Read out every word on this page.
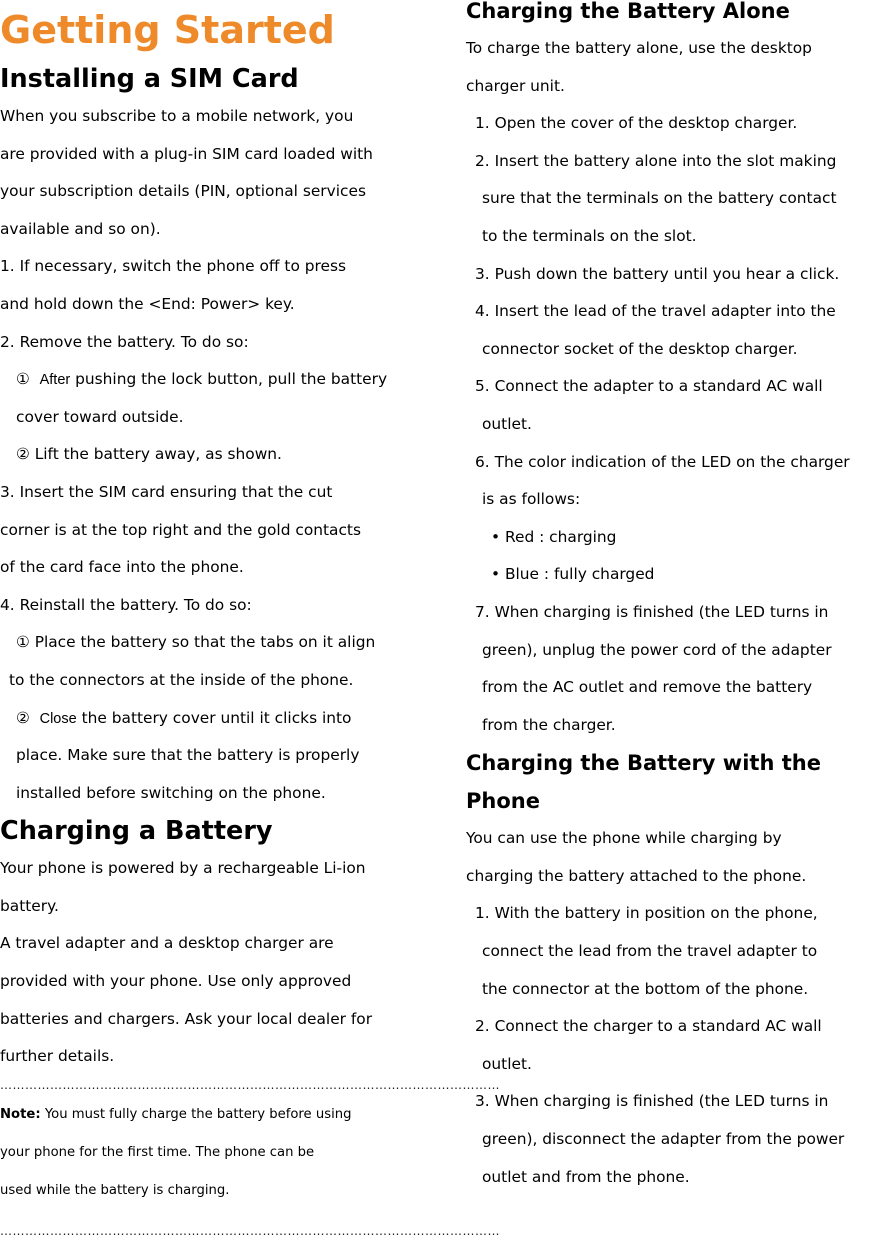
Getting Started
Installing a SIM Card
When you subscribe to a mobile network, you
are provided with a plug-in SIM card loaded with
your subscription details (PIN, optional services
available and so on).
1. If necessary, switch the phone off to press
and hold down the <End: Power> key.
2. Remove the battery. To do so:
① After pushing the lock button, pull the battery
cover toward outside.
② Lift the battery away, as shown.
3. Insert the SIM card ensuring that the cut
corner is at the top right and the gold contacts
of the card face into the phone.
4. Reinstall the battery. To do so:
① Place the battery so that the tabs on it align
to the connectors at the inside of the phone.
② Close the battery cover until it clicks into
place. Make sure that the battery is properly
installed before switching on the phone.
Charging a Battery
Your phone is powered by a rechargeable Li-ion
battery.
A travel adapter and a desktop charger are
provided with your phone. Use only approved
batteries and chargers. Ask your local dealer for
further details.
…………………………………………………………………………………………………………
Note: You must fully charge the battery before using
your phone for the first time. The phone can be
used while the battery is charging.
…………………………………………………………………………………………………………
Charging the Battery Alone
To charge the battery alone, use the desktop
charger unit.
1. Open the cover of the desktop charger.
2. Insert the battery alone into the slot making
sure that the terminals on the battery contact
to the terminals on the slot.
3. Push down the battery until you hear a click.
4. Insert the lead of the travel adapter into the
connector socket of the desktop charger.
5. Connect the adapter to a standard AC wall
outlet.
6. The color indication of the LED on the charger
is as follows:
• Red : charging
• Blue : fully charged
7. When charging is finished (the LED turns in
green), unplug the power cord of the adapter
from the AC outlet and remove the battery
from the charger.
Charging the Battery with the
Phone
You can use the phone while charging by
charging the battery attached to the phone.
1. With the battery in position on the phone,
connect the lead from the travel adapter to
the connector at the bottom of the phone.
2. Connect the charger to a standard AC wall
outlet.
3. When charging is finished (the LED turns in
green), disconnect the adapter from the power
outlet and from the phone.
